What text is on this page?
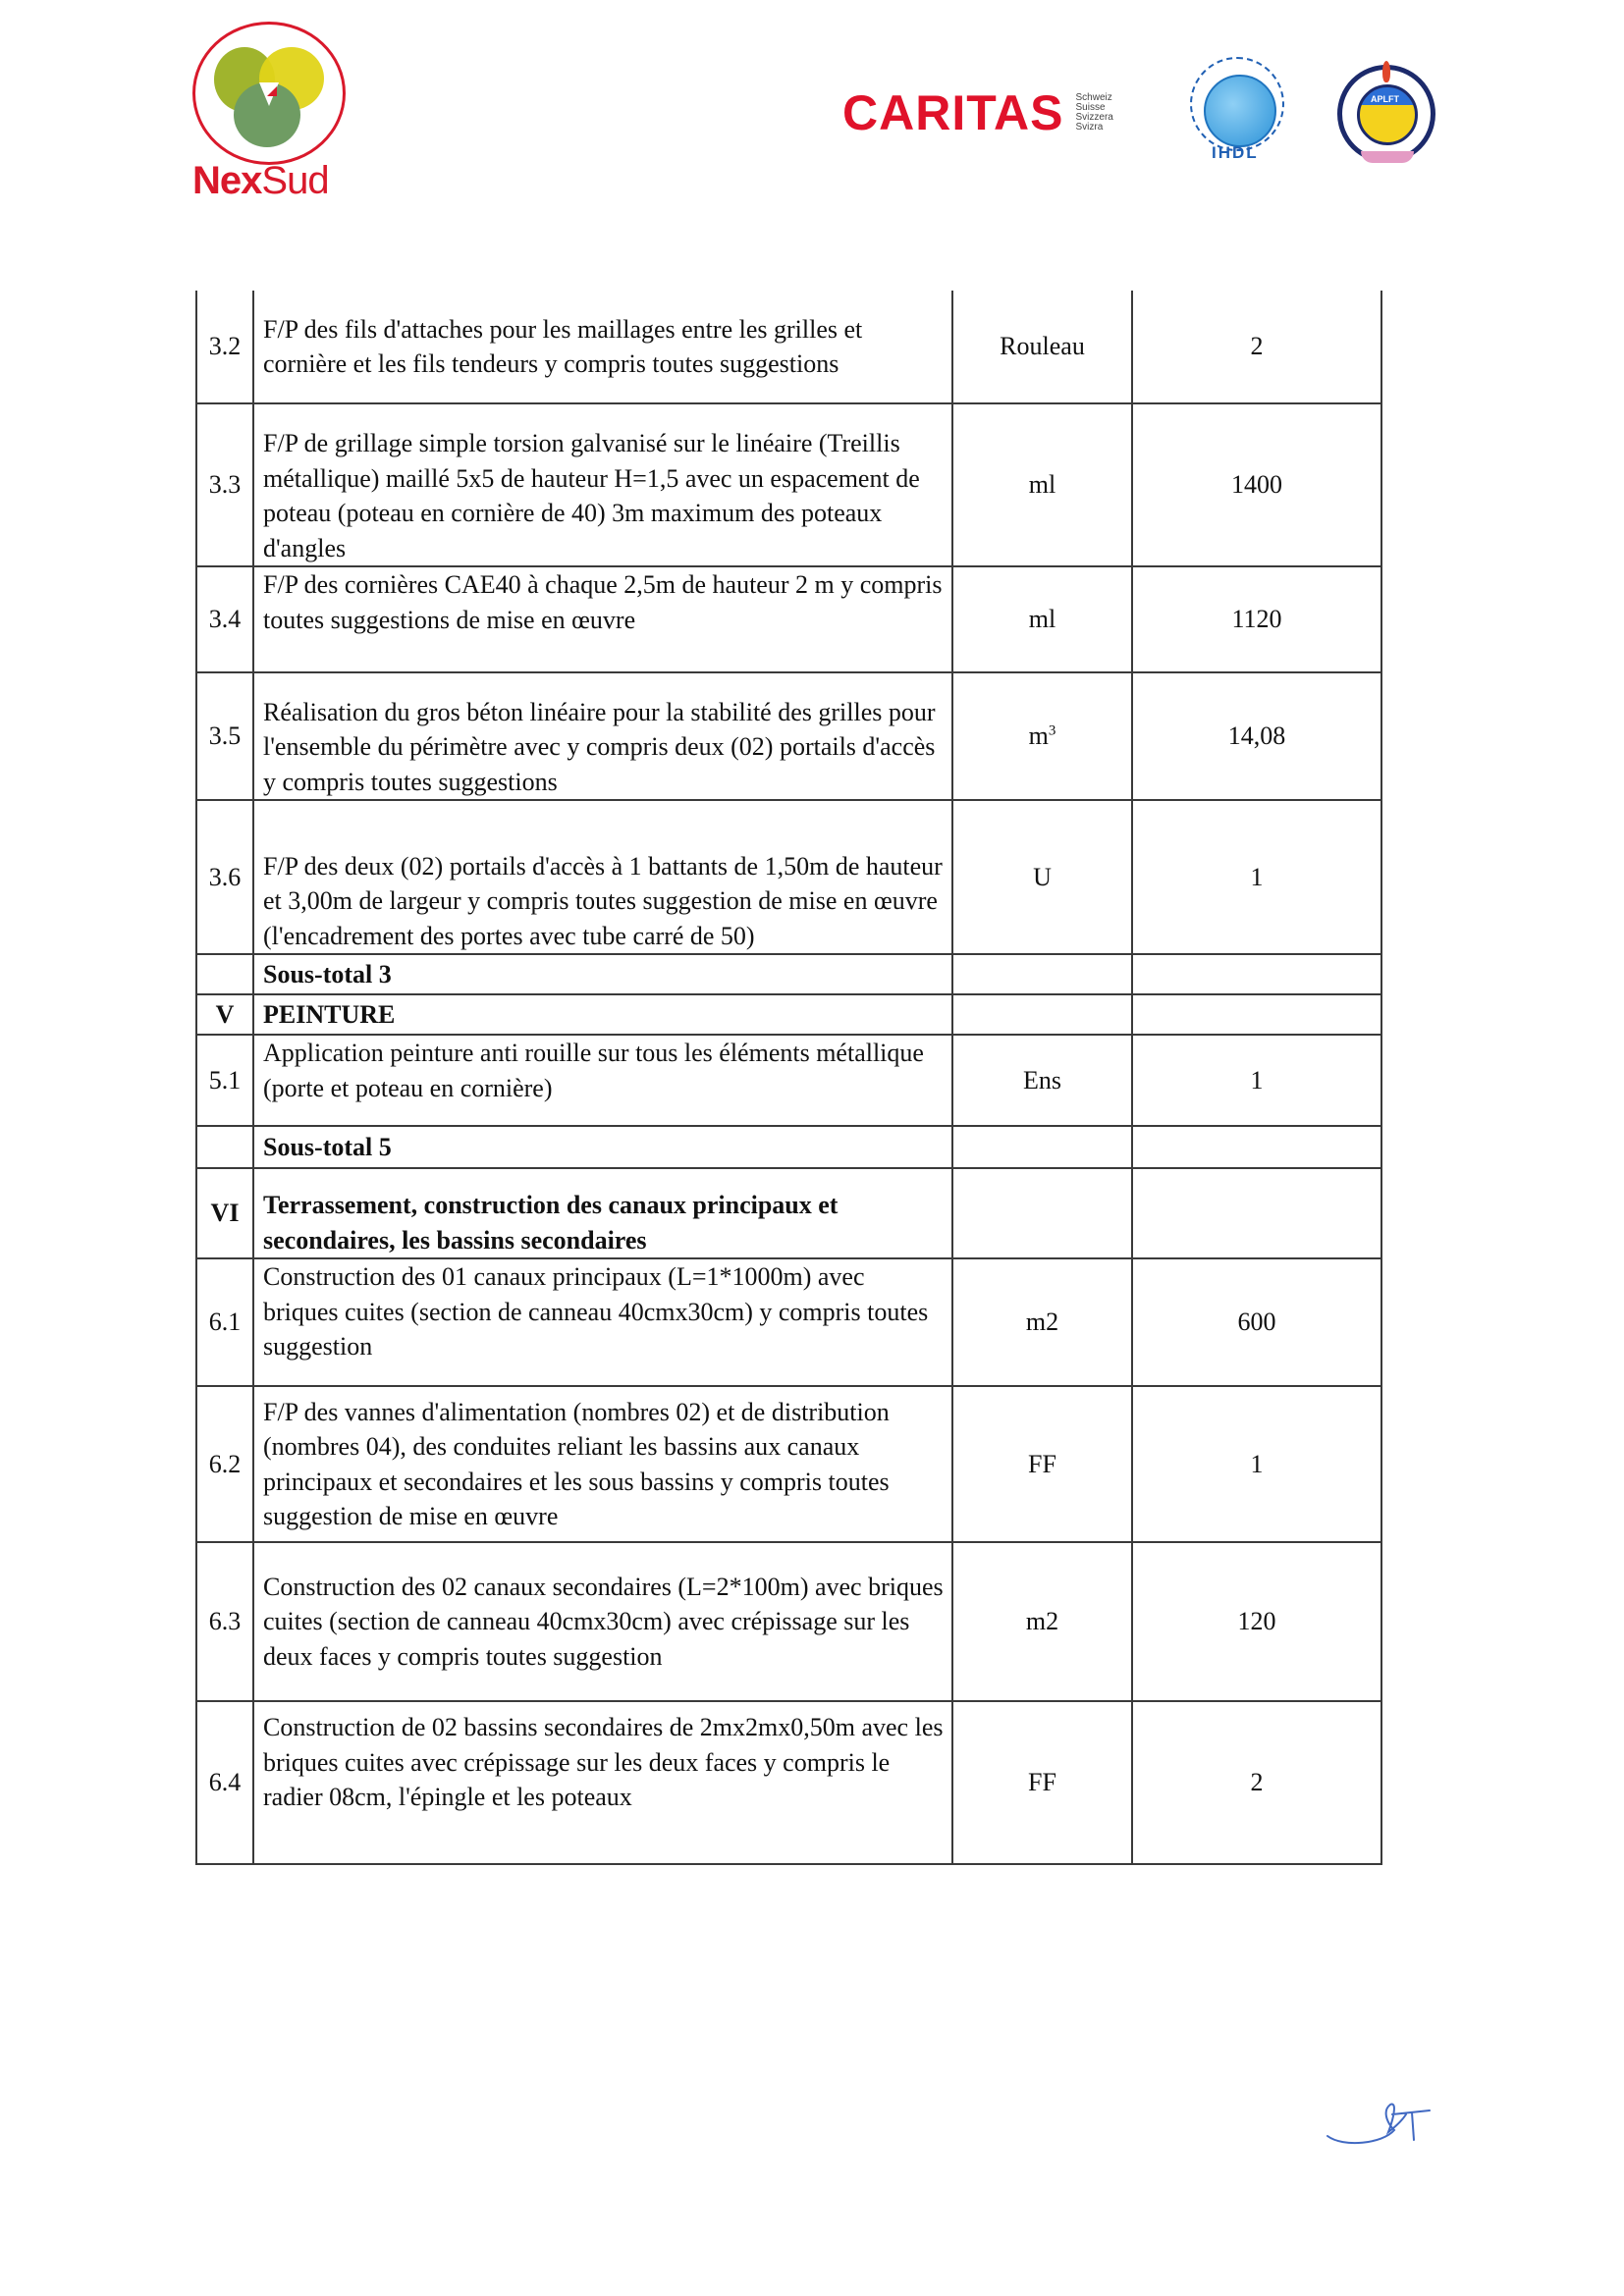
NexSud
CARITAS Schweiz
Suisse
Svizzera
Svizra
IHDL
APLFT
3.2	F/P des fils d'attaches pour les maillages entre les grilles et cornière et les fils tendeurs y compris toutes suggestions	Rouleau	2
3.3	F/P de grillage simple torsion galvanisé sur le linéaire (Treillis métallique) maillé 5x5 de hauteur H=1,5 avec un espacement de poteau (poteau en cornière de 40) 3m maximum des poteaux d'angles	ml	1400
3.4	F/P des cornières CAE40 à chaque 2,5m de hauteur 2 m y compris toutes suggestions de mise en œuvre	ml	1120
3.5	Réalisation du gros béton linéaire pour la stabilité des grilles pour l'ensemble du périmètre avec y compris deux (02) portails d'accès y compris toutes suggestions	$m^3$	14,08
3.6	F/P des deux (02) portails d'accès à 1 battants de 1,50m de hauteur et 3,00m de largeur y compris toutes suggestion de mise en œuvre (l'encadrement des portes avec tube carré de 50)	U	1
	Sous-total 3		
V	PEINTURE		
5.1	Application peinture anti rouille sur tous les éléments métallique (porte et poteau en cornière)	Ens	1
	Sous-total 5		
VI	Terrassement, construction des canaux principaux et secondaires, les bassins secondaires		
6.1	Construction des 01 canaux principaux (L=1*1000m) avec briques cuites (section de canneau 40cmx30cm) y compris toutes suggestion	m2	600
6.2	F/P des vannes d'alimentation (nombres 02) et de distribution (nombres 04), des conduites reliant les bassins aux canaux principaux et secondaires et les sous bassins y compris toutes suggestion de mise en œuvre	FF	1
6.3	Construction des 02 canaux secondaires (L=2*100m) avec briques cuites (section de canneau 40cmx30cm) avec crépissage sur les deux faces y compris toutes suggestion	m2	120
6.4	Construction de 02 bassins secondaires de 2mx2mx0,50m avec les briques cuites avec crépissage sur les deux faces y compris le radier 08cm, l'épingle et les poteaux	FF	2
